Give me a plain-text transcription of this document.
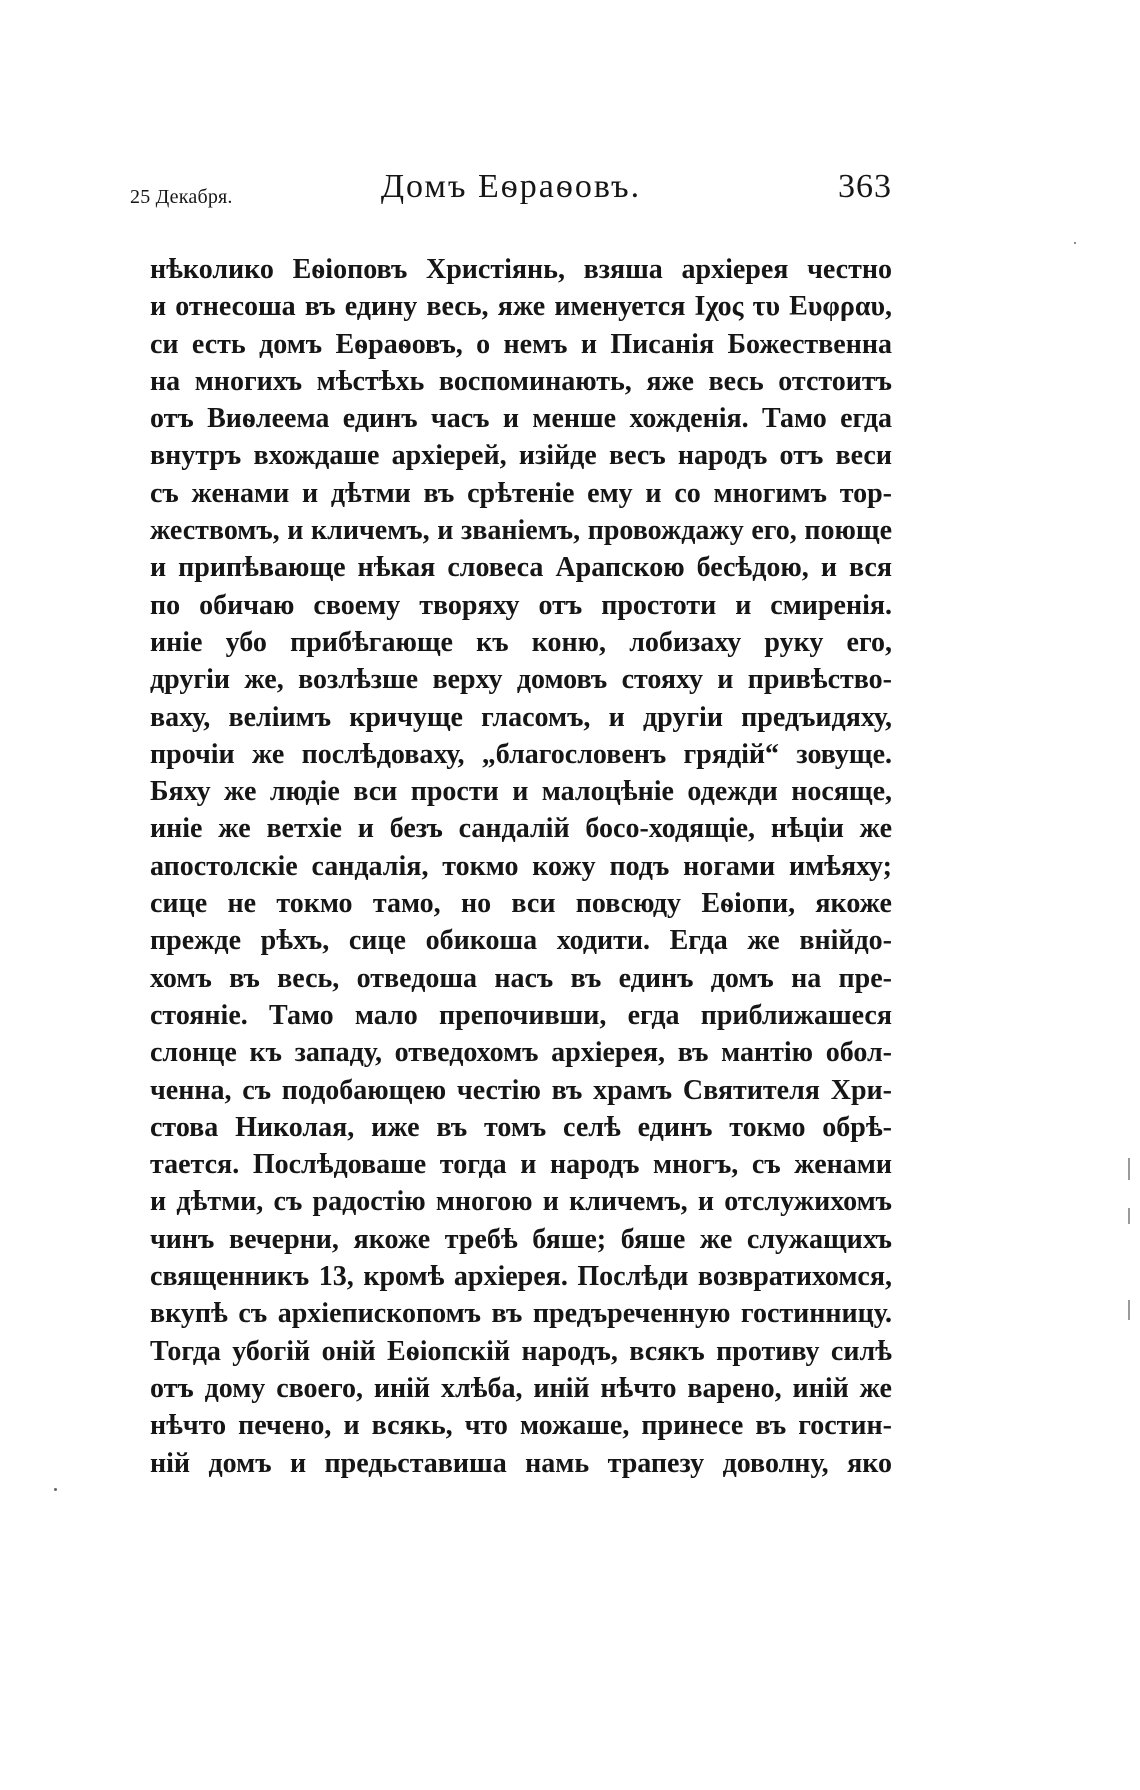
25 Декабря.	Домъ Еѳраѳовъ.	363
нѣколико Еѳіоповъ Христіянь, взяша архіерея честно
и отнесоша въ едину весь, яже именуется Ιχος τυ Ευφραυ,
си есть домъ Еѳраѳовъ, о немъ и Писанія Божественна
на многихъ мѣстѣхь воспоминають, яже весь отстоитъ
отъ Виѳлеема единъ часъ и менше хожденія. Тамо егда
внутръ вхождаше архіерей, изійде весъ народъ отъ веси
съ женами и дѣтми въ срѣтеніе ему и со многимъ тор-
жествомъ, и кличемъ, и званіемъ, провождажу его, поюще
и припѣвающе нѣкая словеса Арапскою бесѣдою, и вся
по обичаю своему творяху отъ простоти и смиренія.
иніе убо прибѣгающе къ коню, лобизаху руку его,
другіи же, возлѣзше верху домовъ стояху и привѣство-
ваху, веліимъ кричуще гласомъ, и другіи предъидяху,
прочіи же послѣдоваху, „благословенъ грядій“ зовуще.
Бяху же людіе вси прости и малоцѣніе одежди носяще,
иніе же ветхіе и безъ сандалій босо-ходящіе, нѣціи же
апостолскіе сандалія, токмо кожу подъ ногами имѣяху;
сице не токмо тамо, но вси повсюду Еѳіопи, якоже
прежде рѣхъ, сице обикоша ходити. Егда же внійдо-
хомъ въ весь, отведоша насъ въ единъ домъ на пре-
стояніе. Тамо мало препочивши, егда приближашеся
слонце къ западу, отведохомъ архіерея, въ мантію обол-
ченна, съ подобающею честію въ храмъ Святителя Хри-
стова Николая, иже въ томъ селѣ единъ токмо обрѣ-
тается. Послѣдоваше тогда и народъ многъ, съ женами
и дѣтми, съ радостію многою и кличемъ, и отслужихомъ
чинъ вечерни, якоже требѣ бяше; бяше же служащихъ
священникъ 13, кромѣ архіерея. Послѣди возвратихомся,
вкупѣ съ архіепископомъ въ предъреченную гостинницу.
Тогда убогій оній Еѳіопскій народъ, всякъ противу силѣ
отъ дому своего, иній хлѣба, иній нѣчто варено, иній же
нѣчто печено, и всякь, что можаше, принесе въ гостин-
ній домъ и предьставиша намь трапезу доволну, яко
